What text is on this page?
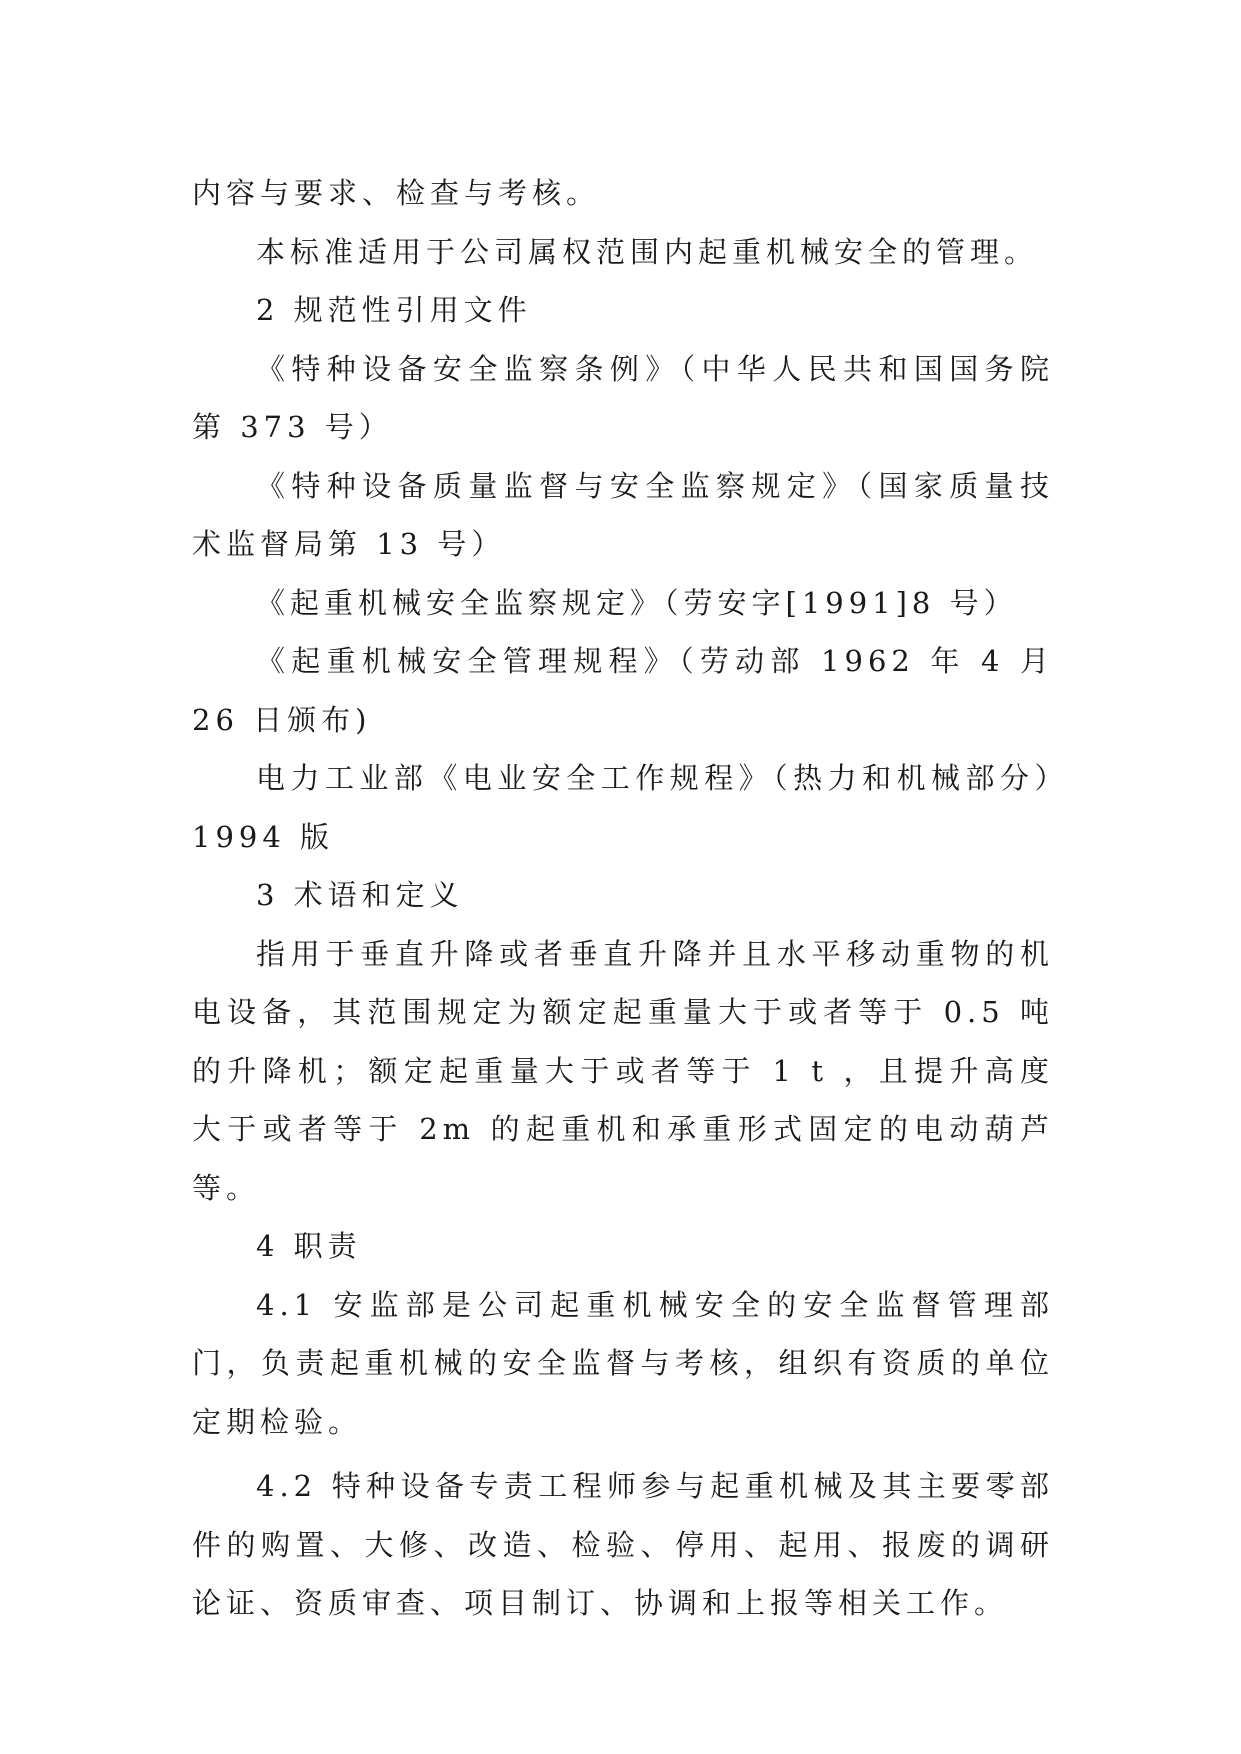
内容与要求、检查与考核。

本标准适用于公司属权范围内起重机械安全的管理。

2 规范性引用文件

《特种设备安全监察条例》（中华人民共和国国务院第 373 号）

《特种设备质量监督与安全监察规定》（国家质量技术监督局第 13 号）

《起重机械安全监察规定》（劳安字[1991]8 号）

《起重机械安全管理规程》（劳动部 1962 年 4 月 26 日颁布)

电力工业部《电业安全工作规程》（热力和机械部分）1994 版

3 术语和定义

指用于垂直升降或者垂直升降并且水平移动重物的机电设备，其范围规定为额定起重量大于或者等于 0.5 吨的升降机；额定起重量大于或者等于 1 t ，且提升高度大于或者等于 2m 的起重机和承重形式固定的电动葫芦等。

4 职责

4.1 安监部是公司起重机械安全的安全监督管理部门，负责起重机械的安全监督与考核，组织有资质的单位定期检验。

4.2 特种设备专责工程师参与起重机械及其主要零部件的购置、大修、改造、检验、停用、起用、报废的调研论证、资质审查、项目制订、协调和上报等相关工作。
